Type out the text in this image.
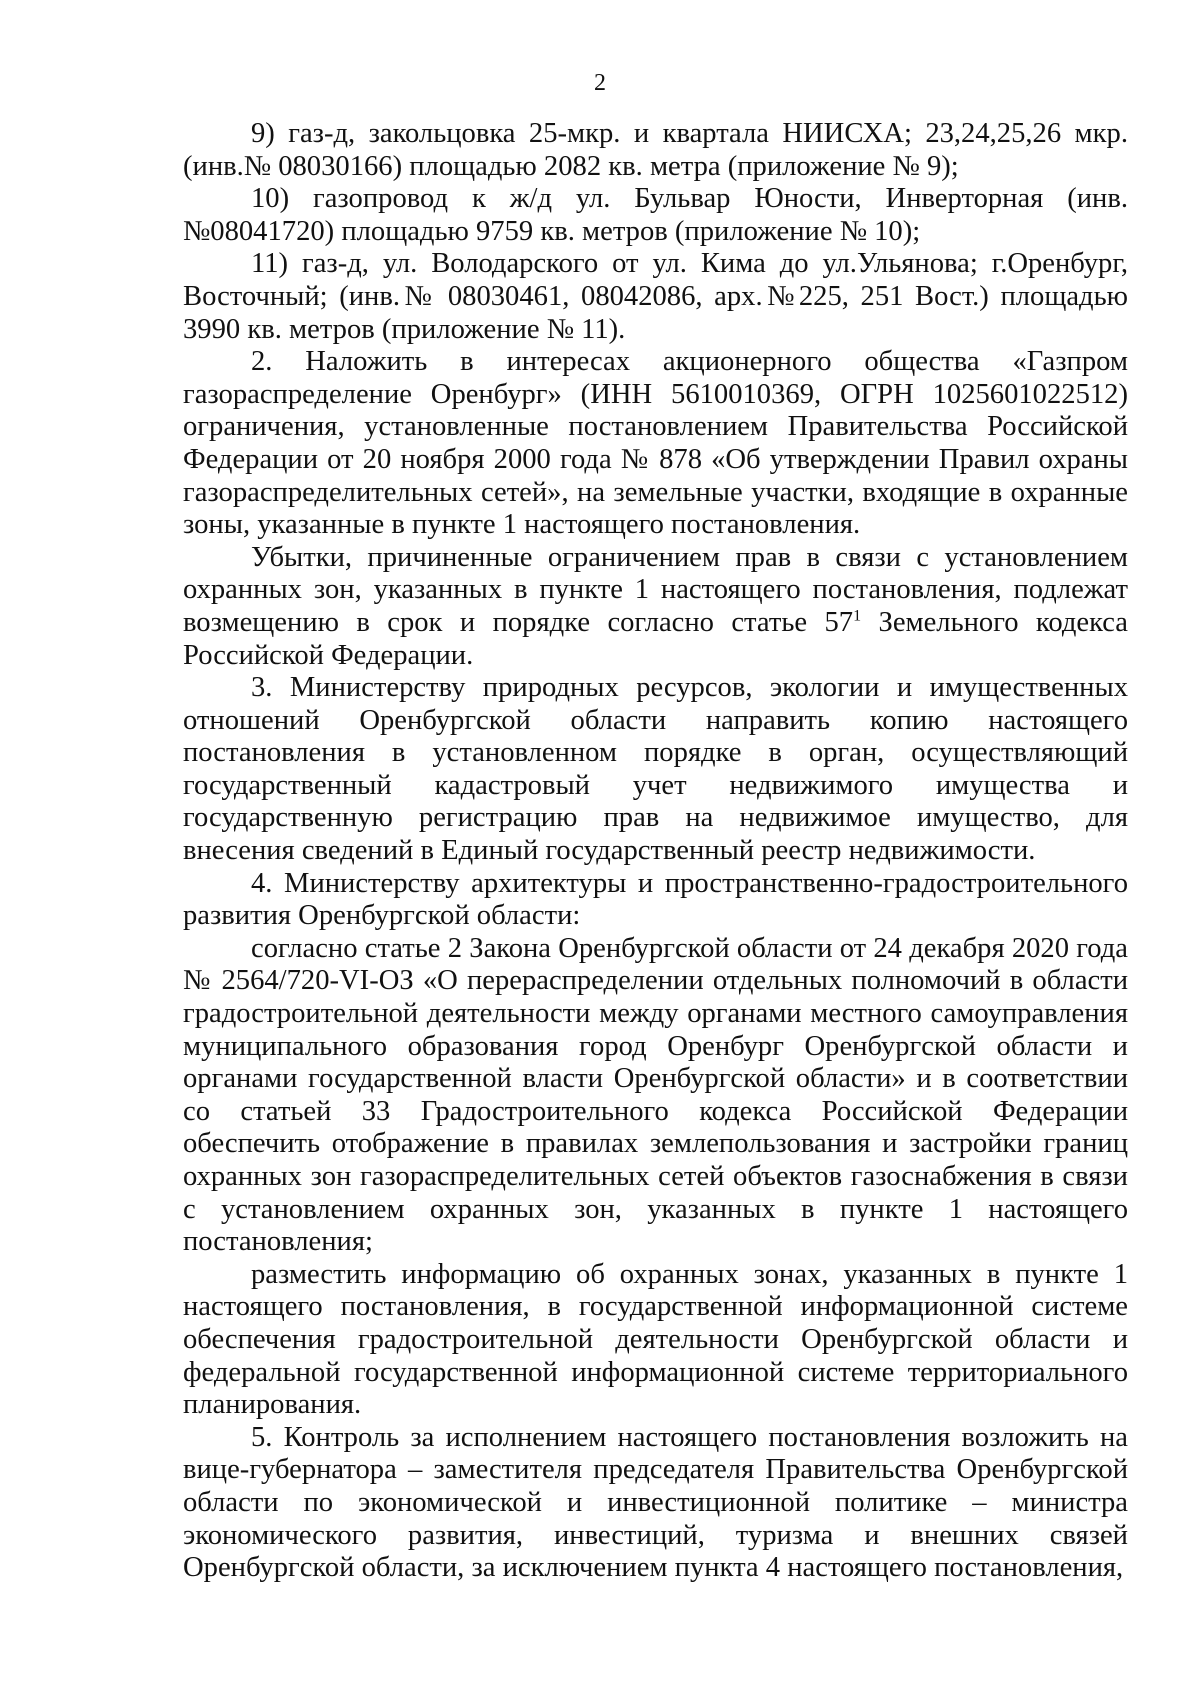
2

9) газ-д, закольцовка 25-мкр. и квартала НИИСХА; 23,24,25,26 мкр. (инв.№ 08030166) площадью 2082 кв. метра (приложение № 9);

10) газопровод к ж/д ул. Бульвар Юности, Инверторная (инв. №08041720) площадью 9759 кв. метров (приложение № 10);

11) газ-д, ул. Володарского от ул. Кима до ул.Ульянова; г.Оренбург, Восточный; (инв.№ 08030461, 08042086, арх.№225, 251 Вост.) площадью 3990 кв. метров (приложение № 11).

2. Наложить в интересах акционерного общества «Газпром газораспределение Оренбург» (ИНН 5610010369, ОГРН 1025601022512) ограничения, установленные постановлением Правительства Российской Федерации от 20 ноября 2000 года № 878 «Об утверждении Правил охраны газораспределительных сетей», на земельные участки, входящие в охранные зоны, указанные в пункте 1 настоящего постановления.

Убытки, причиненные ограничением прав в связи с установлением охранных зон, указанных в пункте 1 настоящего постановления, подлежат возмещению в срок и порядке согласно статье $57^1$ Земельного кодекса Российской Федерации.

3. Министерству природных ресурсов, экологии и имущественных отношений Оренбургской области направить копию настоящего постановления в установленном порядке в орган, осуществляющий государственный кадастровый учет недвижимого имущества и государственную регистрацию прав на недвижимое имущество, для внесения сведений в Единый государственный реестр недвижимости.

4. Министерству архитектуры и пространственно-градостроительного развития Оренбургской области:

согласно статье 2 Закона Оренбургской области от 24 декабря 2020 года № 2564/720-VI-ОЗ «О перераспределении отдельных полномочий в области градостроительной деятельности между органами местного самоуправления муниципального образования город Оренбург Оренбургской области и органами государственной власти Оренбургской области» и в соответствии со статьей 33 Градостроительного кодекса Российской Федерации обеспечить отображение в правилах землепользования и застройки границ охранных зон газораспределительных сетей объектов газоснабжения в связи с установлением охранных зон, указанных в пункте 1 настоящего постановления;

разместить информацию об охранных зонах, указанных в пункте 1 настоящего постановления, в государственной информационной системе обеспечения градостроительной деятельности Оренбургской области и федеральной государственной информационной системе территориального планирования.

5. Контроль за исполнением настоящего постановления возложить на вице-губернатора – заместителя председателя Правительства Оренбургской области по экономической и инвестиционной политике – министра экономического развития, инвестиций, туризма и внешних связей Оренбургской области, за исключением пункта 4 настоящего постановления,
